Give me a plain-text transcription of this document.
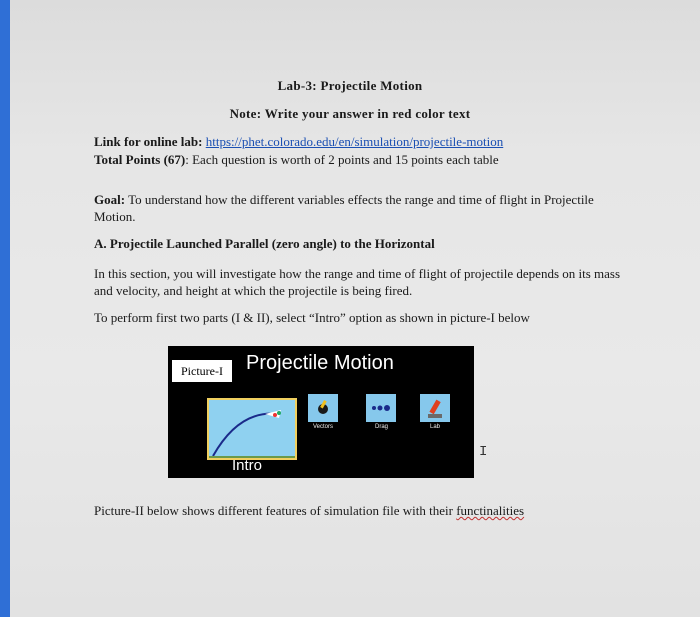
Lab-3: Projectile Motion
Note: Write your answer in red color text
Link for online lab: https://phet.colorado.edu/en/simulation/projectile-motion
Total Points (67): Each question is worth of 2 points and 15 points each table
Goal: To understand how the different variables effects the range and time of flight in Projectile Motion.
A. Projectile Launched Parallel (zero angle) to the Horizontal
In this section, you will investigate how the range and time of flight of projectile depends on its mass and velocity, and height at which the projectile is being fired.
To perform first two parts (I & II), select “Intro” option as shown in picture-I below
Picture-I	Projectile Motion
Intro
Vectors	Drag	Lab
I
Picture-II below shows different features of simulation file with their functinalities
